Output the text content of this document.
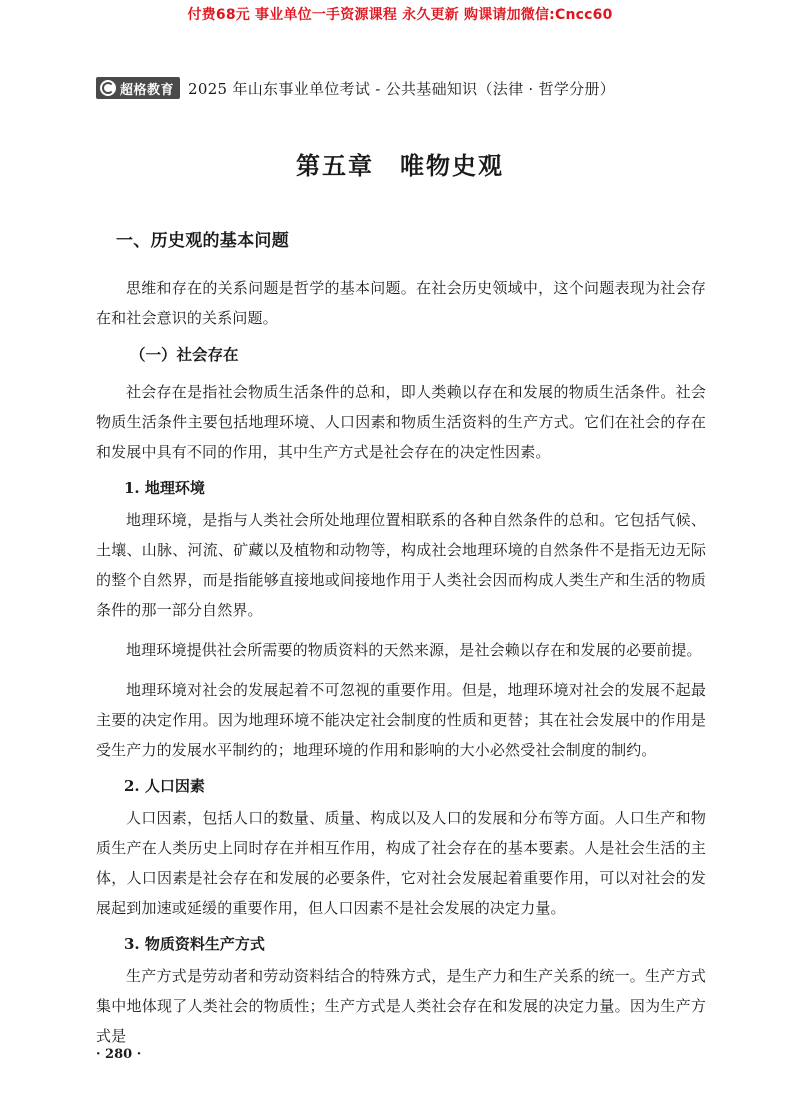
付费68元 事业单位一手资源课程 永久更新 购课请加微信:Cncc60
超格教育 2025 年山东事业单位考试 - 公共基础知识（法律 · 哲学分册）
第五章　唯物史观
一、历史观的基本问题

思维和存在的关系问题是哲学的基本问题。在社会历史领域中，这个问题表现为社会存在和社会意识的关系问题。

（一）社会存在

社会存在是指社会物质生活条件的总和，即人类赖以存在和发展的物质生活条件。社会物质生活条件主要包括地理环境、人口因素和物质生活资料的生产方式。它们在社会的存在和发展中具有不同的作用，其中生产方式是社会存在的决定性因素。

1. 地理环境

地理环境，是指与人类社会所处地理位置相联系的各种自然条件的总和。它包括气候、土壤、山脉、河流、矿藏以及植物和动物等，构成社会地理环境的自然条件不是指无边无际的整个自然界，而是指能够直接地或间接地作用于人类社会因而构成人类生产和生活的物质条件的那一部分自然界。

地理环境提供社会所需要的物质资料的天然来源，是社会赖以存在和发展的必要前提。

地理环境对社会的发展起着不可忽视的重要作用。但是，地理环境对社会的发展不起最主要的决定作用。因为地理环境不能决定社会制度的性质和更替；其在社会发展中的作用是受生产力的发展水平制约的；地理环境的作用和影响的大小必然受社会制度的制约。

2. 人口因素

人口因素，包括人口的数量、质量、构成以及人口的发展和分布等方面。人口生产和物质生产在人类历史上同时存在并相互作用，构成了社会存在的基本要素。人是社会生活的主体，人口因素是社会存在和发展的必要条件，它对社会发展起着重要作用，可以对社会的发展起到加速或延缓的重要作用，但人口因素不是社会发展的决定力量。

3. 物质资料生产方式

生产方式是劳动者和劳动资料结合的特殊方式，是生产力和生产关系的统一。生产方式集中地体现了人类社会的物质性；生产方式是人类社会存在和发展的决定力量。因为生产方式是

· 280 ·
